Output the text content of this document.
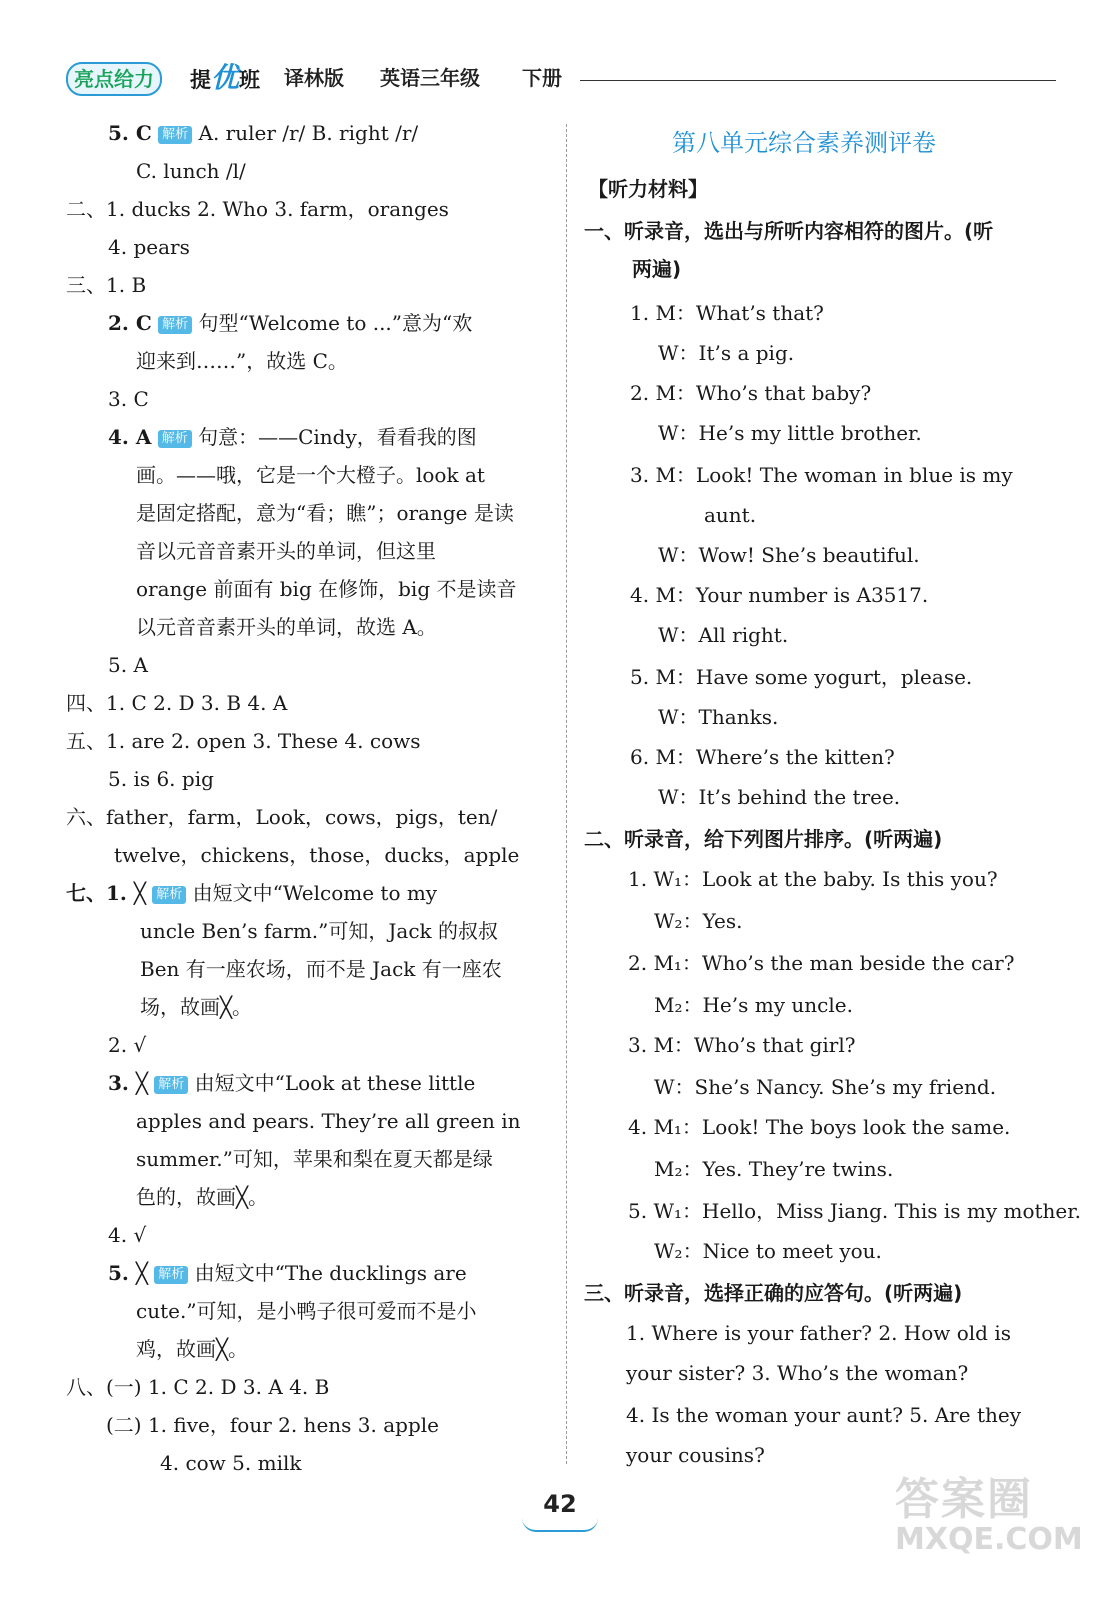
亮点给力	提优班 译林版 英语三年级 下册
5. C 解析 A. ruler /r/ B. right /r/
C. lunch /l/
二、1. ducks 2. Who 3. farm，oranges
4. pears
三、1. B
2. C 解析 句型“Welcome to ...”意为“欢
迎来到……”，故选 C。
3. C
4. A 解析 句意：——Cindy，看看我的图
画。——哦，它是一个大橙子。look at
是固定搭配，意为“看；瞧”；orange 是读
音以元音音素开头的单词，但这里
orange 前面有 big 在修饰，big 不是读音
以元音音素开头的单词，故选 A。
5. A
四、1. C 2. D 3. B 4. A
五、1. are 2. open 3. These 4. cows
5. is 6. pig
六、father，farm，Look，cows，pigs，ten/
twelve，chickens，those，ducks，apple
七、1. ╳ 解析 由短文中“Welcome to my
uncle Ben’s farm.”可知，Jack 的叔叔
Ben 有一座农场，而不是 Jack 有一座农
场，故画╳。
2. √
3. ╳ 解析 由短文中“Look at these little
apples and pears. They’re all green in
summer.”可知，苹果和梨在夏天都是绿
色的，故画╳。
4. √
5. ╳ 解析 由短文中“The ducklings are
cute.”可知，是小鸭子很可爱而不是小
鸡，故画╳。
八、(一) 1. C 2. D 3. A 4. B
(二) 1. five，four 2. hens 3. apple
4. cow 5. milk
第八单元综合素养测评卷
【听力材料】
一、听录音，选出与所听内容相符的图片。(听
两遍)
1. M：What’s that?
W：It’s a pig.
2. M：Who’s that baby?
W：He’s my little brother.
3. M：Look! The woman in blue is my
aunt.
W：Wow! She’s beautiful.
4. M：Your number is A3517.
W：All right.
5. M：Have some yogurt，please.
W：Thanks.
6. M：Where’s the kitten?
W：It’s behind the tree.
二、听录音，给下列图片排序。(听两遍)
1. W₁：Look at the baby. Is this you?
W₂：Yes.
2. M₁：Who’s the man beside the car?
M₂：He’s my uncle.
3. M：Who’s that girl?
W：She’s Nancy. She’s my friend.
4. M₁：Look! The boys look the same.
M₂：Yes. They’re twins.
5. W₁：Hello，Miss Jiang. This is my mother.
W₂：Nice to meet you.
三、听录音，选择正确的应答句。(听两遍)
1. Where is your father? 2. How old is
your sister? 3. Who’s the woman?
4. Is the woman your aunt? 5. Are they
your cousins?
42	答案圈
MXQE.COM
